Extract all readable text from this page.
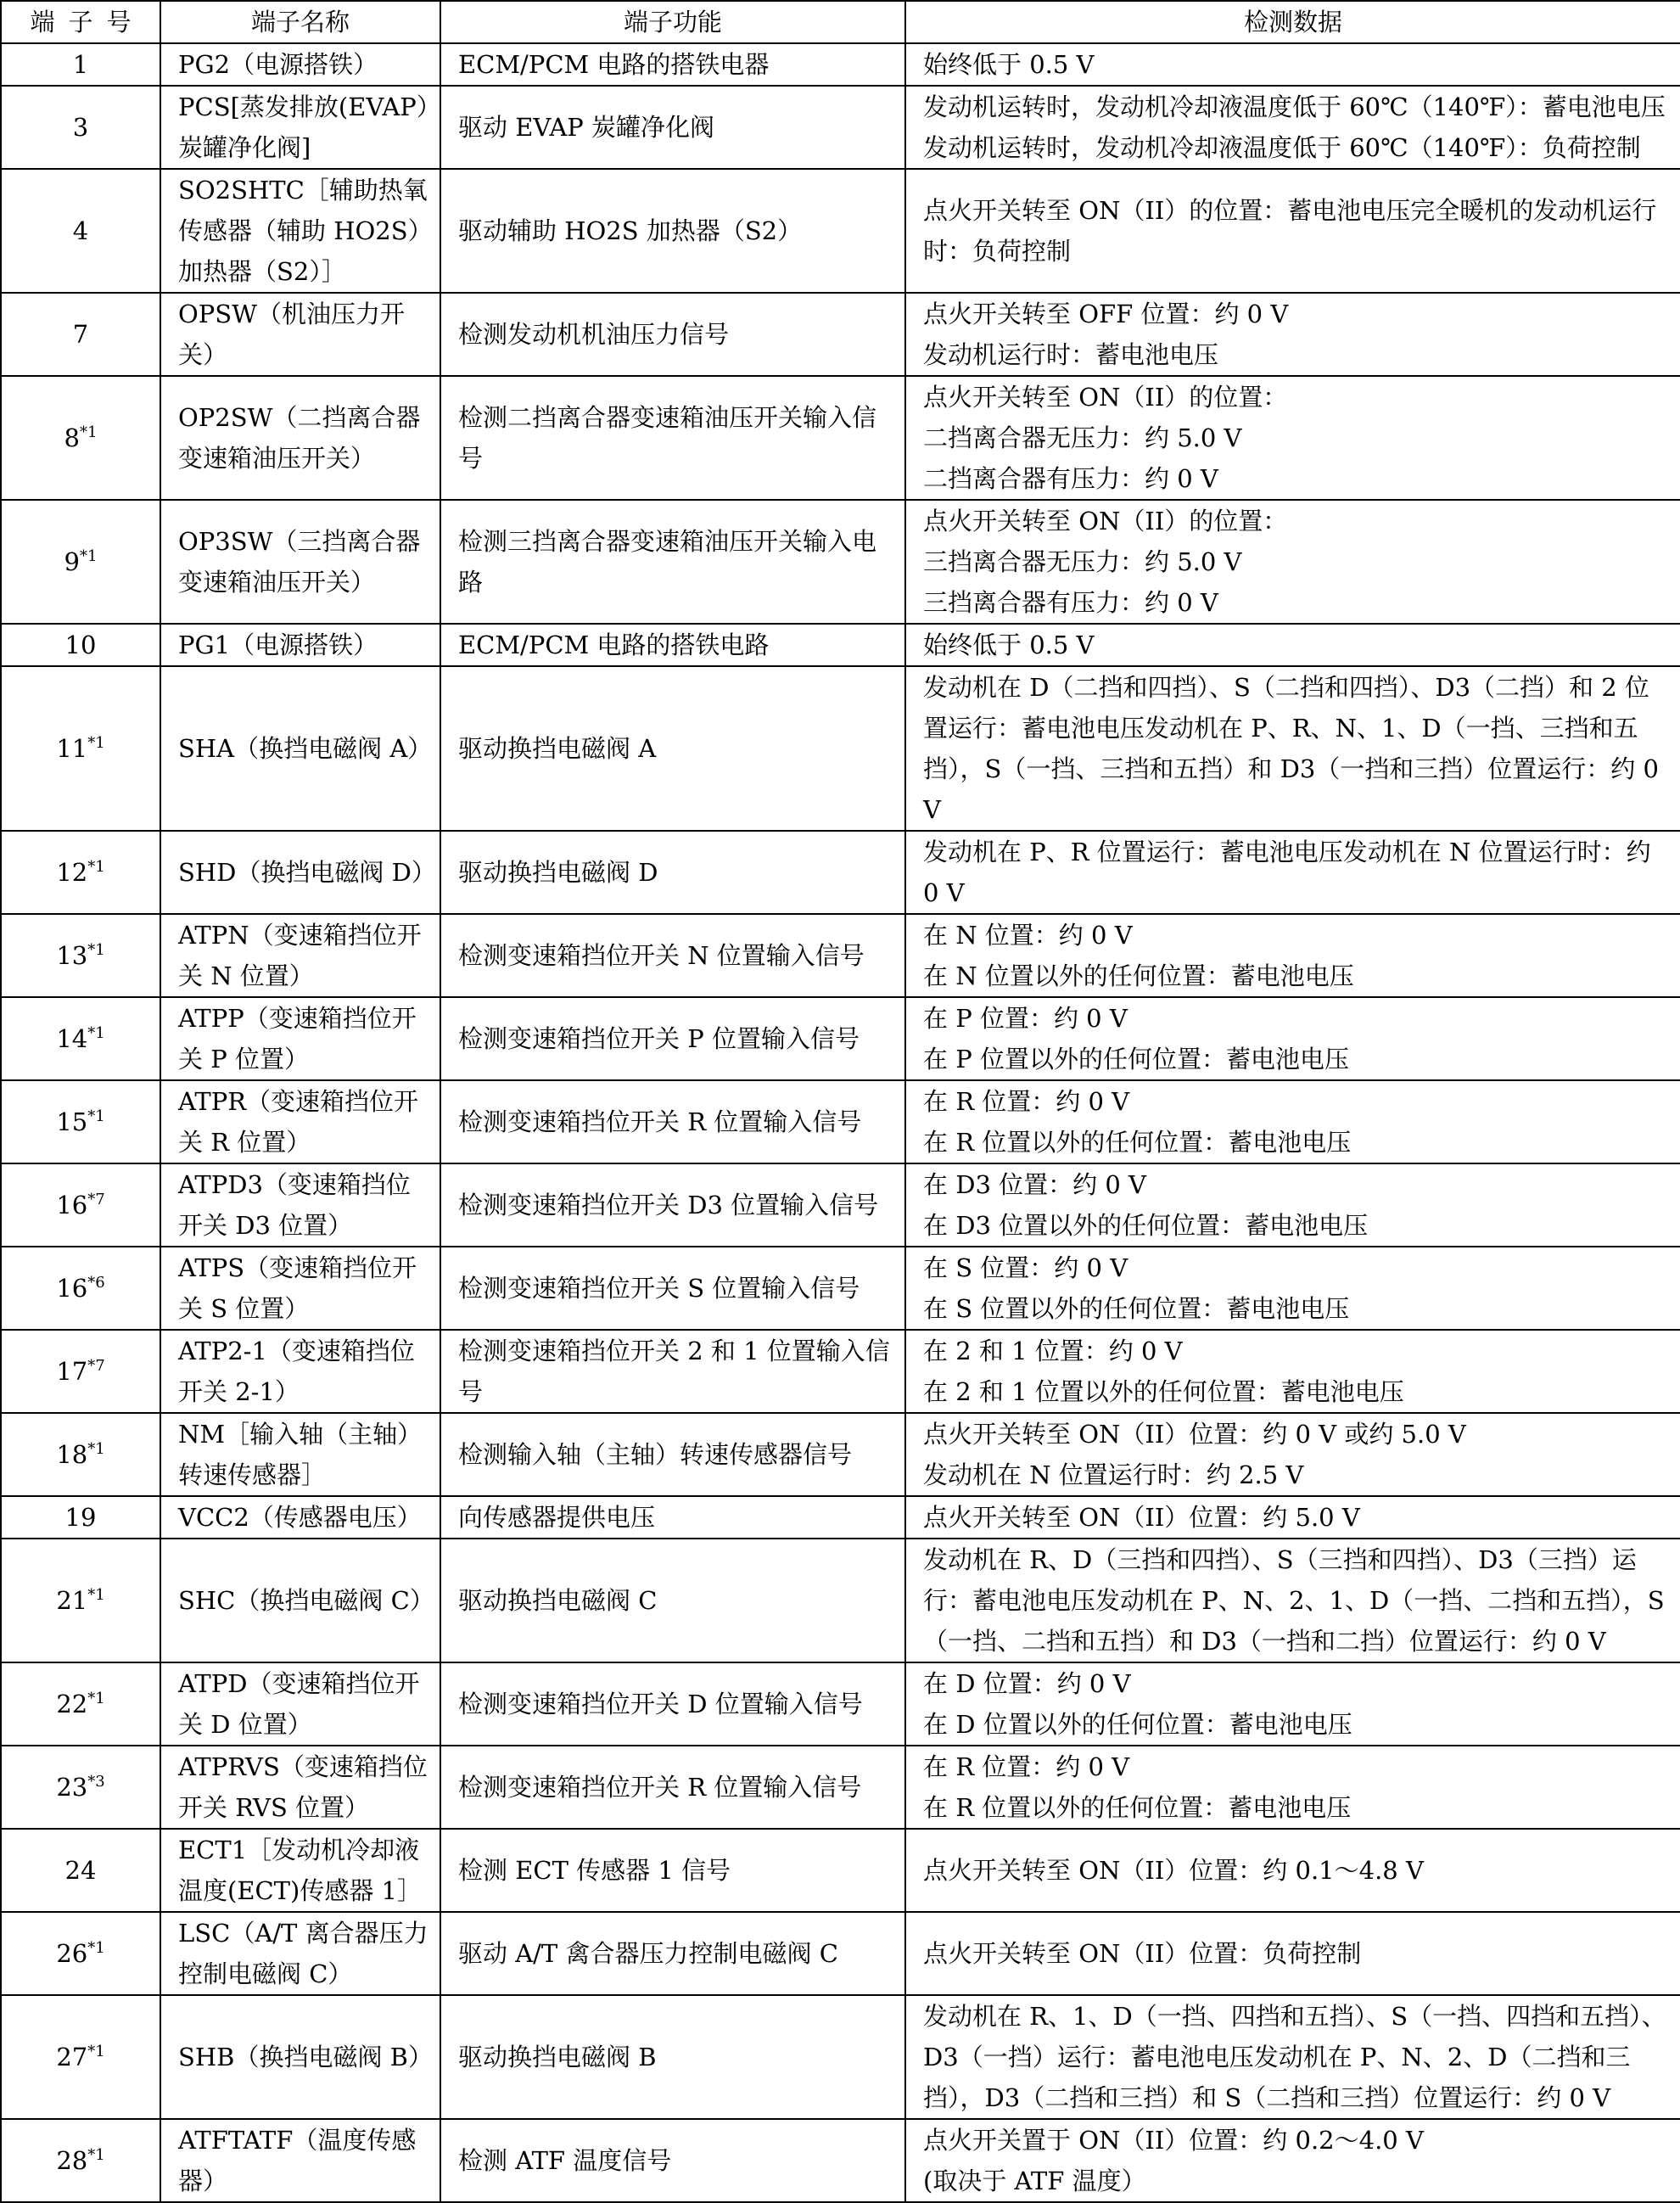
端子号	端子名称	端子功能	检测数据
1	PG2（电源搭铁）	ECM/PCM 电路的搭铁电器	始终低于 0.5 V

3	PCS[蒸发排放(EVAP）炭罐净化阀]	驱动 EVAP 炭罐净化阀	发动机运转时，发动机冷却液温度低于 60℃（140℉）：蓄电池电压
发动机运转时，发动机冷却液温度低于 60℃（140℉）：负荷控制

4	SO2SHTC［辅助热氧传感器（辅助 HO2S）加热器（S2）］	驱动辅助 HO2S 加热器（S2）	点火开关转至 ON（II）的位置：蓄电池电压完全暖机的发动机运行时：负荷控制

7	OPSW（机油压力开关）	检测发动机机油压力信号	点火开关转至 OFF 位置：约 0 V
发动机运行时：蓄电池电压

8$^{*1}$	OP2SW（二挡离合器变速箱油压开关）	检测二挡离合器变速箱油压开关输入信号	点火开关转至 ON（II）的位置：
二挡离合器无压力：约 5.0 V
二挡离合器有压力：约 0 V

9$^{*1}$	OP3SW（三挡离合器变速箱油压开关）	检测三挡离合器变速箱油压开关输入电路	点火开关转至 ON（II）的位置：
三挡离合器无压力：约 5.0 V
三挡离合器有压力：约 0 V

10	PG1（电源搭铁）	ECM/PCM 电路的搭铁电路	始终低于 0.5 V

11$^{*1}$	SHA（换挡电磁阀 A）	驱动换挡电磁阀 A	发动机在 D（二挡和四挡）、S（二挡和四挡）、D3（二挡）和 2 位置运行：蓄电池电压发动机在 P、R、N、1、D（一挡、三挡和五挡），S（一挡、三挡和五挡）和 D3（一挡和三挡）位置运行：约 0 V

12$^{*1}$	SHD（换挡电磁阀 D）	驱动换挡电磁阀 D	发动机在 P、R 位置运行：蓄电池电压发动机在 N 位置运行时：约 0 V

13$^{*1}$	ATPN（变速箱挡位开关 N 位置）	检测变速箱挡位开关 N 位置输入信号	在 N 位置：约 0 V
在 N 位置以外的任何位置：蓄电池电压

14$^{*1}$	ATPP（变速箱挡位开关 P 位置）	检测变速箱挡位开关 P 位置输入信号	在 P 位置：约 0 V
在 P 位置以外的任何位置：蓄电池电压

15$^{*1}$	ATPR（变速箱挡位开关 R 位置）	检测变速箱挡位开关 R 位置输入信号	在 R 位置：约 0 V
在 R 位置以外的任何位置：蓄电池电压

16$^{*7}$	ATPD3（变速箱挡位开关 D3 位置）	检测变速箱挡位开关 D3 位置输入信号	在 D3 位置：约 0 V
在 D3 位置以外的任何位置：蓄电池电压

16$^{*6}$	ATPS（变速箱挡位开关 S 位置）	检测变速箱挡位开关 S 位置输入信号	在 S 位置：约 0 V
在 S 位置以外的任何位置：蓄电池电压

17$^{*7}$	ATP2-1（变速箱挡位开关 2-1）	检测变速箱挡位开关 2 和 1 位置输入信号	在 2 和 1 位置：约 0 V
在 2 和 1 位置以外的任何位置：蓄电池电压

18$^{*1}$	NM［输入轴（主轴）转速传感器］	检测输入轴（主轴）转速传感器信号	点火开关转至 ON（II）位置：约 0 V 或约 5.0 V
发动机在 N 位置运行时：约 2.5 V

19	VCC2（传感器电压）	向传感器提供电压	点火开关转至 ON（II）位置：约 5.0 V

21$^{*1}$	SHC（换挡电磁阀 C）	驱动换挡电磁阀 C	发动机在 R、D（三挡和四挡）、S（三挡和四挡）、D3（三挡）运行：蓄电池电压发动机在 P、N、2、1、D（一挡、二挡和五挡），S（一挡、二挡和五挡）和 D3（一挡和二挡）位置运行：约 0 V

22$^{*1}$	ATPD（变速箱挡位开关 D 位置）	检测变速箱挡位开关 D 位置输入信号	在 D 位置：约 0 V
在 D 位置以外的任何位置：蓄电池电压

23$^{*3}$	ATPRVS（变速箱挡位开关 RVS 位置）	检测变速箱挡位开关 R 位置输入信号	在 R 位置：约 0 V
在 R 位置以外的任何位置：蓄电池电压

24	ECT1［发动机冷却液温度(ECT)传感器 1］	检测 ECT 传感器 1 信号	点火开关转至 ON（II）位置：约 0.1～4.8 V

26$^{*1}$	LSC（A/T 离合器压力控制电磁阀 C）	驱动 A/T 禽合器压力控制电磁阀 C	点火开关转至 ON（II）位置：负荷控制

27$^{*1}$	SHB（换挡电磁阀 B）	驱动换挡电磁阀 B	发动机在 R、1、D（一挡、四挡和五挡）、S（一挡、四挡和五挡）、D3（一挡）运行：蓄电池电压发动机在 P、N、2、D（二挡和三挡），D3（二挡和三挡）和 S（二挡和三挡）位置运行：约 0 V

28$^{*1}$	ATFTATF（温度传感器）	检测 ATF 温度信号	点火开关置于 ON（II）位置：约 0.2～4.0 V
(取决于 ATF 温度）
